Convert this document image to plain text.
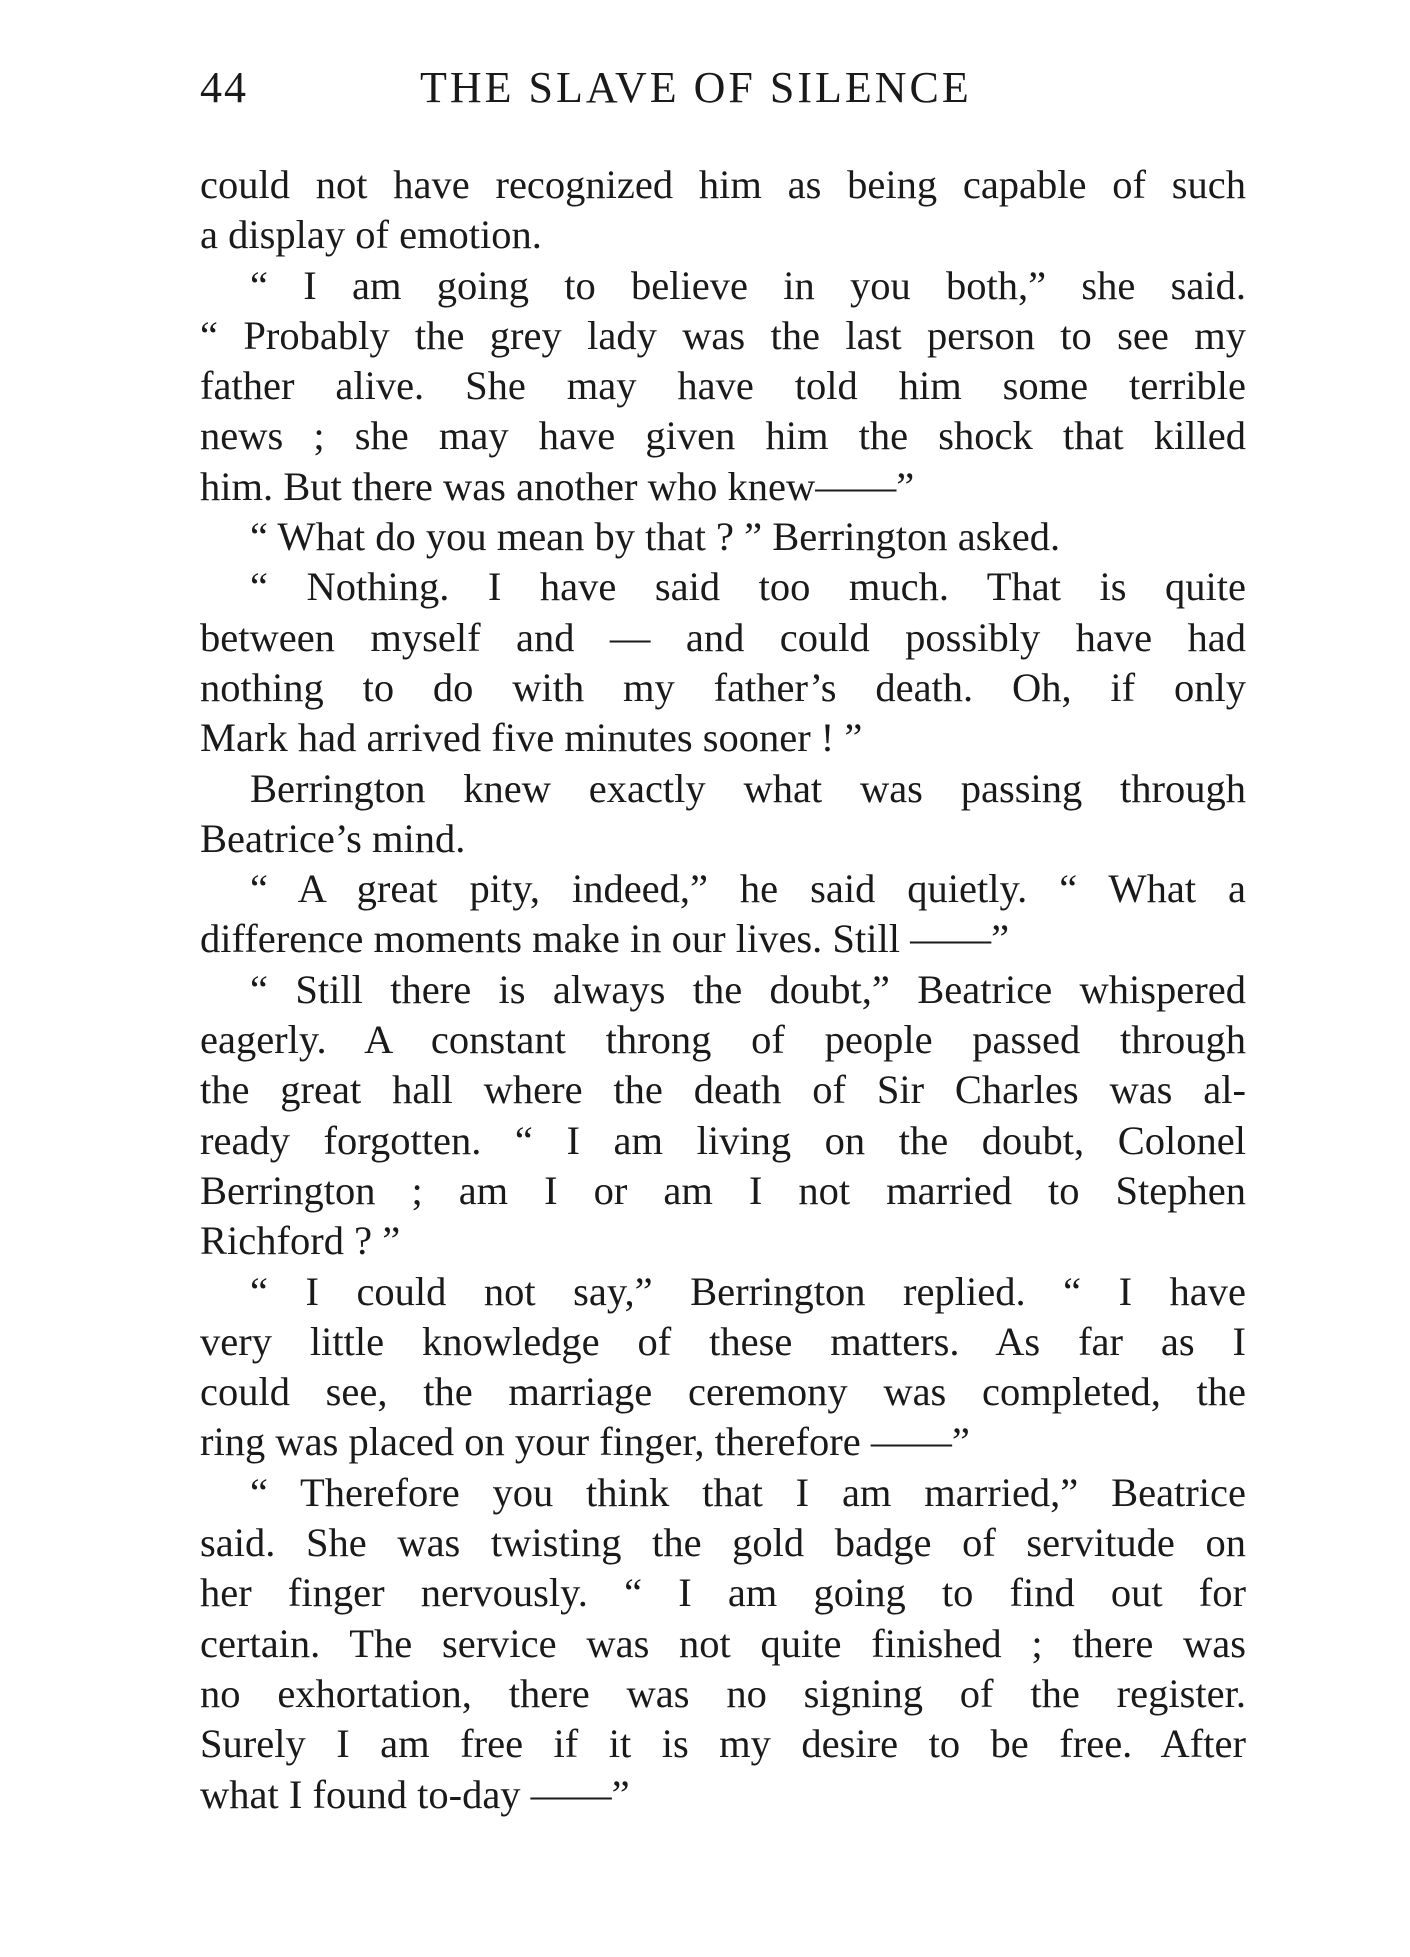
44	THE SLAVE OF SILENCE
could not have recognized him as being capable of such
a display of emotion.
“ I am going to believe in you both,” she said.
“ Probably the grey lady was the last person to see my
father alive. She may have told him some terrible
news ; she may have given him the shock that killed
him. But there was another who knew——”
“ What do you mean by that ? ” Berrington asked.
“ Nothing. I have said too much. That is quite
between myself and — and could possibly have had
nothing to do with my father’s death. Oh, if only
Mark had arrived five minutes sooner ! ”
Berrington knew exactly what was passing through
Beatrice’s mind.
“ A great pity, indeed,” he said quietly. “ What a
difference moments make in our lives. Still ——”
“ Still there is always the doubt,” Beatrice whispered
eagerly. A constant throng of people passed through
the great hall where the death of Sir Charles was al-
ready forgotten. “ I am living on the doubt, Colonel
Berrington ; am I or am I not married to Stephen
Richford ? ”
“ I could not say,” Berrington replied. “ I have
very little knowledge of these matters. As far as I
could see, the marriage ceremony was completed, the
ring was placed on your finger, therefore ——”
“ Therefore you think that I am married,” Beatrice
said. She was twisting the gold badge of servitude on
her finger nervously. “ I am going to find out for
certain. The service was not quite finished ; there was
no exhortation, there was no signing of the register.
Surely I am free if it is my desire to be free. After
what I found to-day ——”
